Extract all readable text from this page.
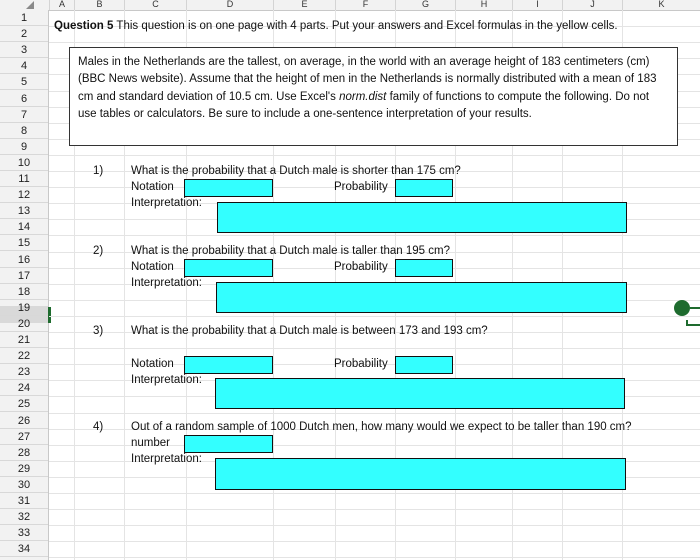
A	B	C	D	E	F	G	H	I	J	K
1
2
3
4
5
6
7
8
9
10
11
12
13
14
15
16
17
18
19
20
21
22
23
24
25
26
27
28
29
30
31
32
33
34
Question 5 This question is on one page with 4 parts. Put your answers and Excel formulas in the yellow cells.

Males in the Netherlands are the tallest, on average, in the world with an average height of 183 centimeters (cm)
(BBC News website). Assume that the height of men in the Netherlands is normally distributed with a mean of 183
cm and standard deviation of 10.5 cm. Use Excel's norm.dist family of functions to compute the following. Do not
use tables or calculators. Be sure to include a one-sentence interpretation of your results.

1) What is the probability that a Dutch male is shorter than 175 cm?
Notation	Probability
Interpretation:
2) What is the probability that a Dutch male is taller than 195 cm?
Notation	Probability
Interpretation:
3) What is the probability that a Dutch male is between 173 and 193 cm?
Notation	Probability
Interpretation:
4) Out of a random sample of 1000 Dutch men, how many would we expect to be taller than 190 cm?
number
Interpretation:
